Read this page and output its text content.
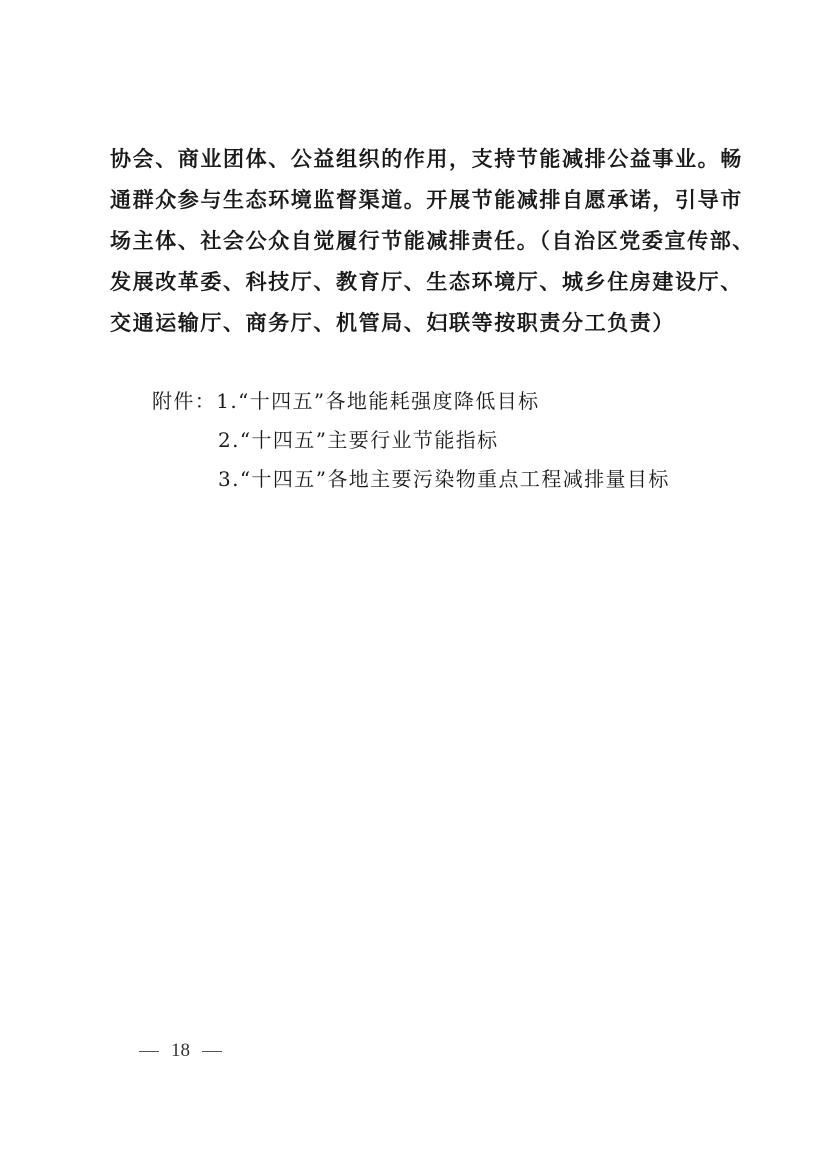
协会、商业团体、公益组织的作用，支持节能减排公益事业。畅
通群众参与生态环境监督渠道。开展节能减排自愿承诺，引导市
场主体、社会公众自觉履行节能减排责任。（自治区党委宣传部、
发展改革委、科技厅、教育厅、生态环境厅、城乡住房建设厅、
交通运输厅、商务厅、机管局、妇联等按职责分工负责）
附件：1.“十四五”各地能耗强度降低目标
2.“十四五”主要行业节能指标
3.“十四五”各地主要污染物重点工程减排量目标
18
